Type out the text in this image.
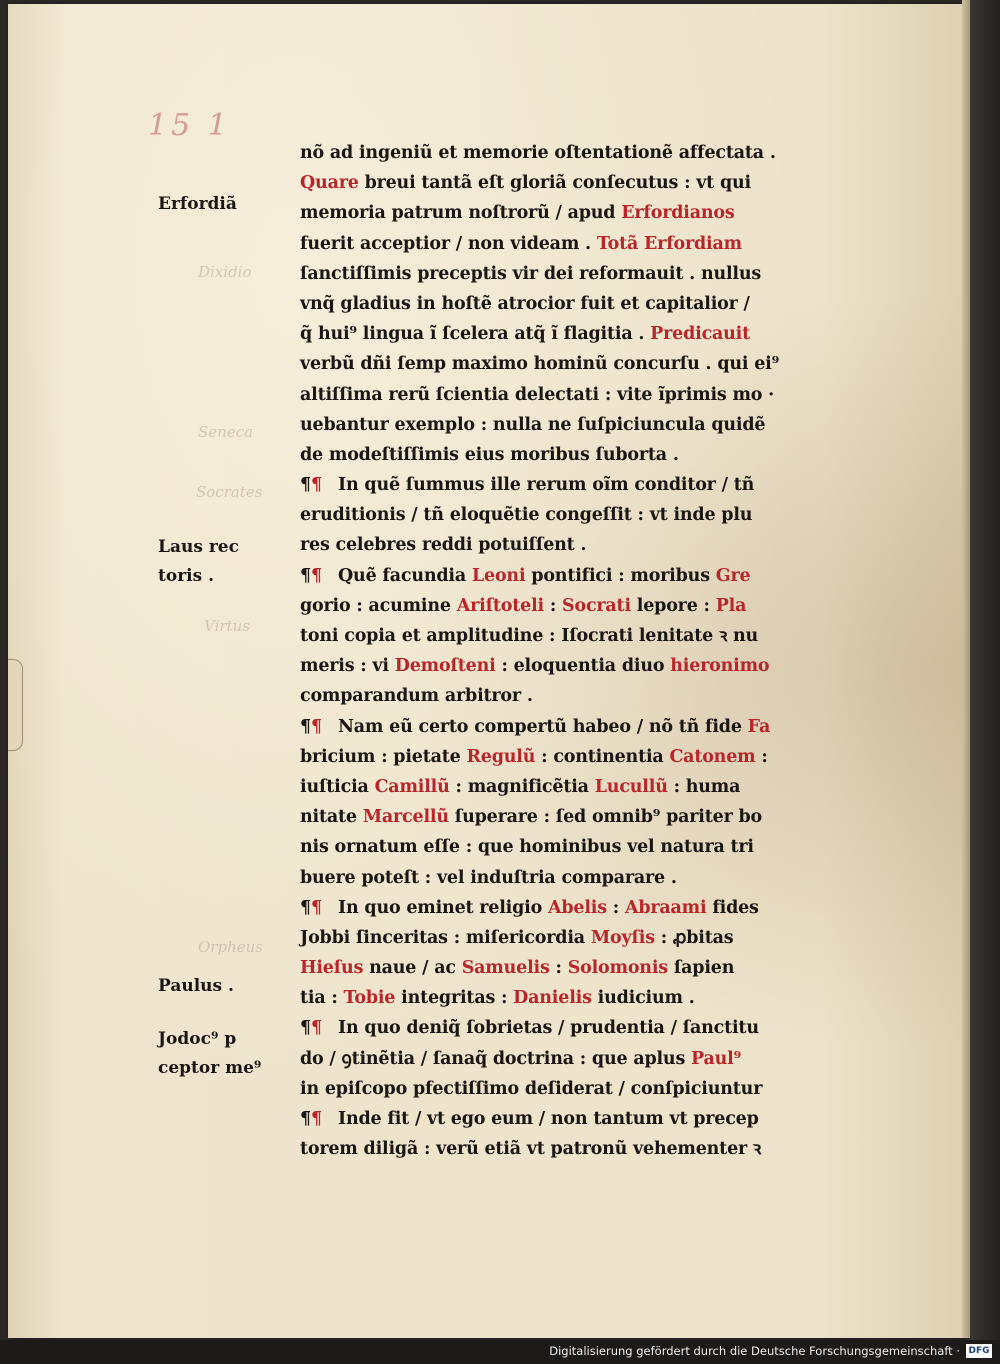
15 1
Dixidio
Seneca
Socrates
Virtus
Orpheus
Erfordiã
Laus rec
toris .
Paulus .
Jodoc⁹ p
ceptor me⁹
nõ ad ingeniũ et memorie oſtentationẽ affectata .
Quare breui tantã eſt gloriã conſecutus : vt qui
memoria patrum noſtrorũ / apud Erfordianos
fuerit acceptior / non videam . Totã Erfordiam
ſanctiſſimis preceptis vir dei reformauit . nullus
vnq̃ gladius in hoſtẽ atrocior fuit et capitalior /
q̃ hui⁹ lingua ĩ ſcelera atq̃ ĩ flagitia . Predicauit
verbũ dñi ſemp maximo hominũ concurſu . qui ei⁹
altiſſima rerũ ſcientia delectati : vite ĩprimis mo ·
uebantur exemplo : nulla ne ſuſpiciuncula quidẽ
de modeſtiſſimis eius moribus ſuborta .
¶¶ In quẽ ſummus ille rerum oĩm conditor / tñ
eruditionis / tñ eloquẽtie congeſſit : vt inde plu
res celebres reddi potuiſſent .
¶¶ Quẽ facundia Leoni pontifici : moribus Gre
gorio : acumine Ariſtoteli : Socrati lepore : Pla
toni copia et amplitudine : Iſocrati lenitate ꝛ nu
meris : vi Demoſteni : eloquentia diuo hieronimo
comparandum arbitror .
¶¶ Nam eũ certo compertũ habeo / nõ tñ fide Fa
bricium : pietate Regulũ : continentia Catonem :
iuſticia Camillũ : magnificẽtia Lucullũ : huma
nitate Marcellũ ſuperare : ſed omnib⁹ pariter bo
nis ornatum eſſe : que hominibus vel natura tri
buere poteſt : vel induſtria comparare .
¶¶ In quo eminet religio Abelis : Abraami fides
Jobbi ſinceritas : miſericordia Moyſis : ꝓbitas
Hieſus naue / ac Samuelis : Solomonis ſapien
tia : Tobie integritas : Danielis iudicium .
¶¶ In quo deniq̃ ſobrietas / prudentia / ſanctitu
do / ꝯtinẽtia / ſanaq̃ doctrina : que aplus Paul⁹
in epiſcopo pfectiſſimo deſiderat / conſpiciuntur
¶¶ Inde fit / vt ego eum / non tantum vt precep
torem diligã : verũ etiã vt patronũ vehementer ꝛ
Digitalisierung gefördert durch die Deutsche Forschungsgemeinschaft · DFG
